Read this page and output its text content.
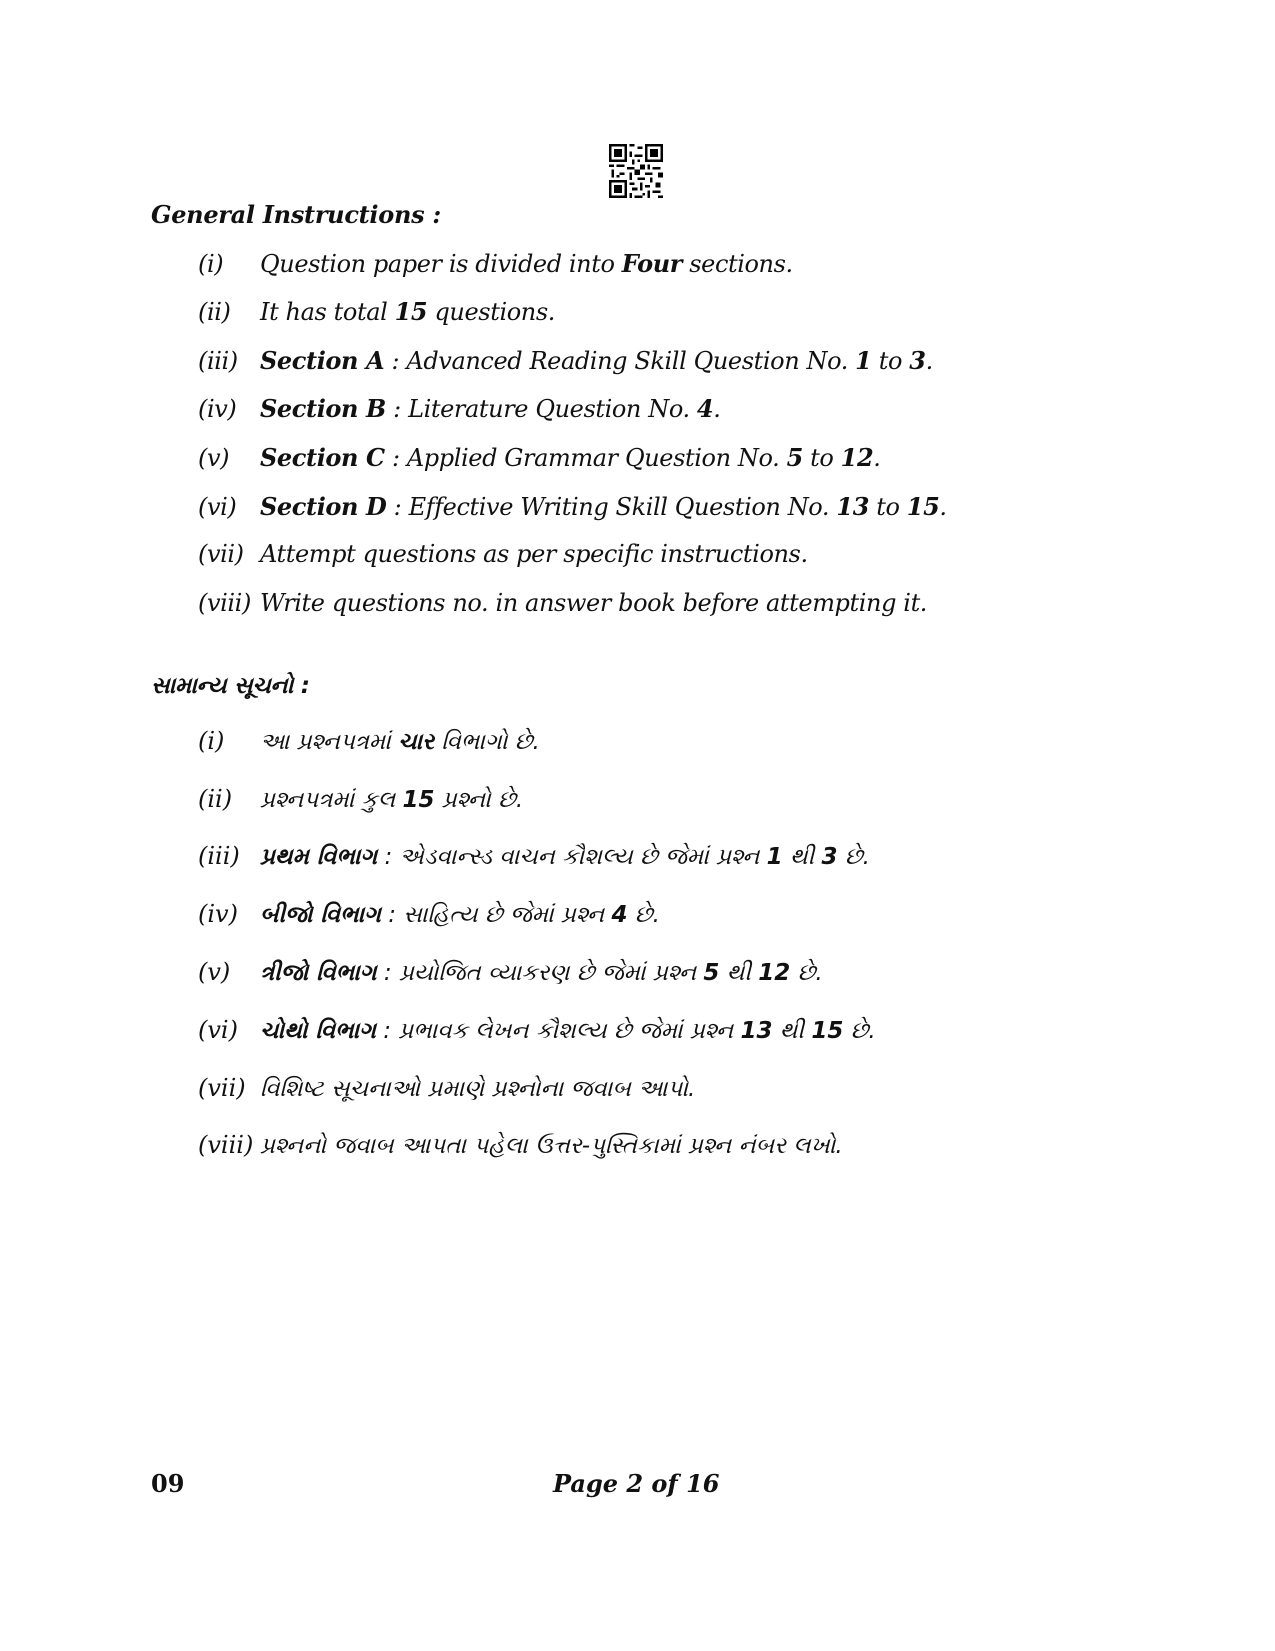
General Instructions :
(i)	Question paper is divided into Four sections.
(ii)	It has total 15 questions.
(iii) Section A : Advanced Reading Skill Question No. 1 to 3.
(iv) Section B : Literature Question No. 4.
(v)	Section C : Applied Grammar Question No. 5 to 12.
(vi) Section D : Effective Writing Skill Question No. 13 to 15.
(vii) Attempt questions as per specific instructions.
(viii) Write questions no. in answer book before attempting it.
સામાન્ય સૂચનો :
(i)	આ પ્રશ્નપત્રમાં ચાર વિભાગો છે.
(ii)	પ્રશ્નપત્રમાં કુલ 15 પ્રશ્નો છે.
(iii) પ્રથમ વિભાગ : એડવાન્સ્ડ વાચન કૌશલ્ય છે જેમાં પ્રશ્ન 1 થી 3 છે.
(iv) બીજો વિભાગ : સાહિત્ય છે જેમાં પ્રશ્ન 4 છે.
(v)	ત્રીજો વિભાગ : પ્રયોજિત વ્યાકરણ છે જેમાં પ્રશ્ન 5 થી 12 છે.
(vi) ચોથો વિભાગ : પ્રભાવક લેખન કૌશલ્ય છે જેમાં પ્રશ્ન 13 થી 15 છે.
(vii) વિશિષ્ટ સૂચનાઓ પ્રમાણે પ્રશ્નોના જવાબ આપો.
(viii) પ્રશ્નનો જવાબ આપતા પહેલા ઉત્તર-પુસ્તિકામાં પ્રશ્ન નંબર લખો.
09	Page 2 of 16
